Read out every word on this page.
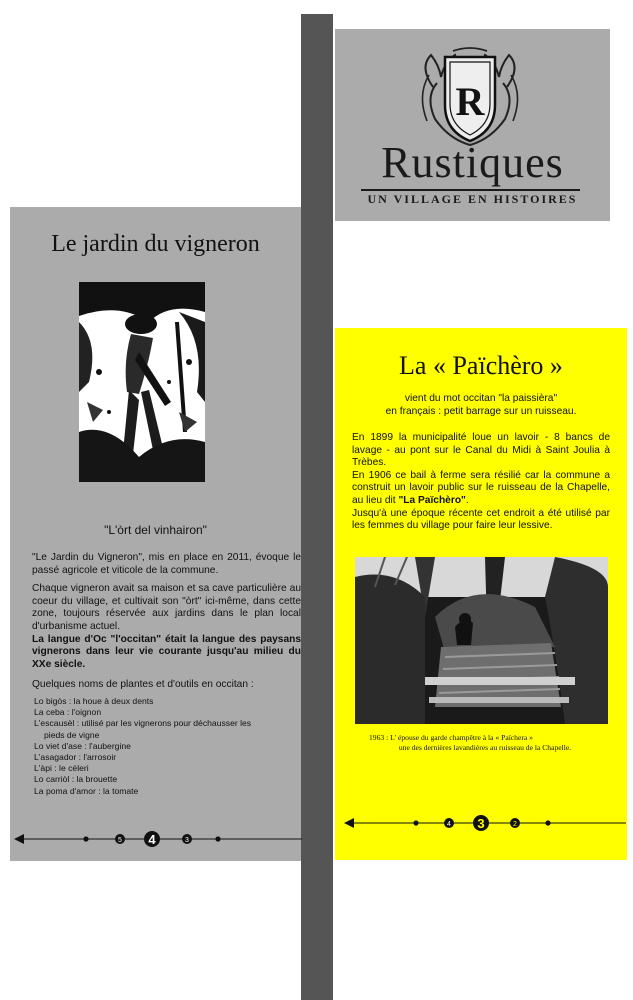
R
Rustiques
UN VILLAGE EN HISTOIRES
Le jardin du vigneron
"L'òrt del vinhairon"

"Le Jardin du Vigneron", mis en place en 2011, évoque le passé agricole et viticole de la commune.

Chaque vigneron avait sa maison et sa cave particulière au coeur du village, et cultivait son "òrt" ici-même, dans cette zone, toujours réservée aux jardins dans le plan local d'urbanisme actuel.
La langue d'Oc "l'occitan" était la langue des paysans vignerons dans leur vie courante jusqu'au milieu du XXe siècle.

Quelques noms de plantes et d'outils en occitan :

Lo bigòs : la houe à deux dents
La ceba : l'oignon
L'escausèl : utilisé par les vignerons pour déchausser les
pieds de vigne
Lo viet d'ase : l'aubergine
L'asagador : l'arrosoir
L'àpi : le céleri
Lo carriòl : la brouette
La poma d'amor : la tomate
5 4	3
La « Païchèro »
vient du mot occitan "la paissièra"
en français : petit barrage sur un ruisseau.

En 1899 la municipalité loue un lavoir - 8 bancs de lavage - au pont sur le Canal du Midi à Saint Joulia à Trèbes.

En 1906 ce bail à ferme sera résilié car la commune a construit un lavoir public sur le ruisseau de la Chapelle, au lieu dit "La Païchèro".

Jusqu'à une époque récente cet endroit a été utilisé par les femmes du village pour faire leur lessive.

1963 : L' épouse du garde champêtre à la « Païchera »
une des dernières lavandières au ruisseau de la Chapelle.
4 3	2
